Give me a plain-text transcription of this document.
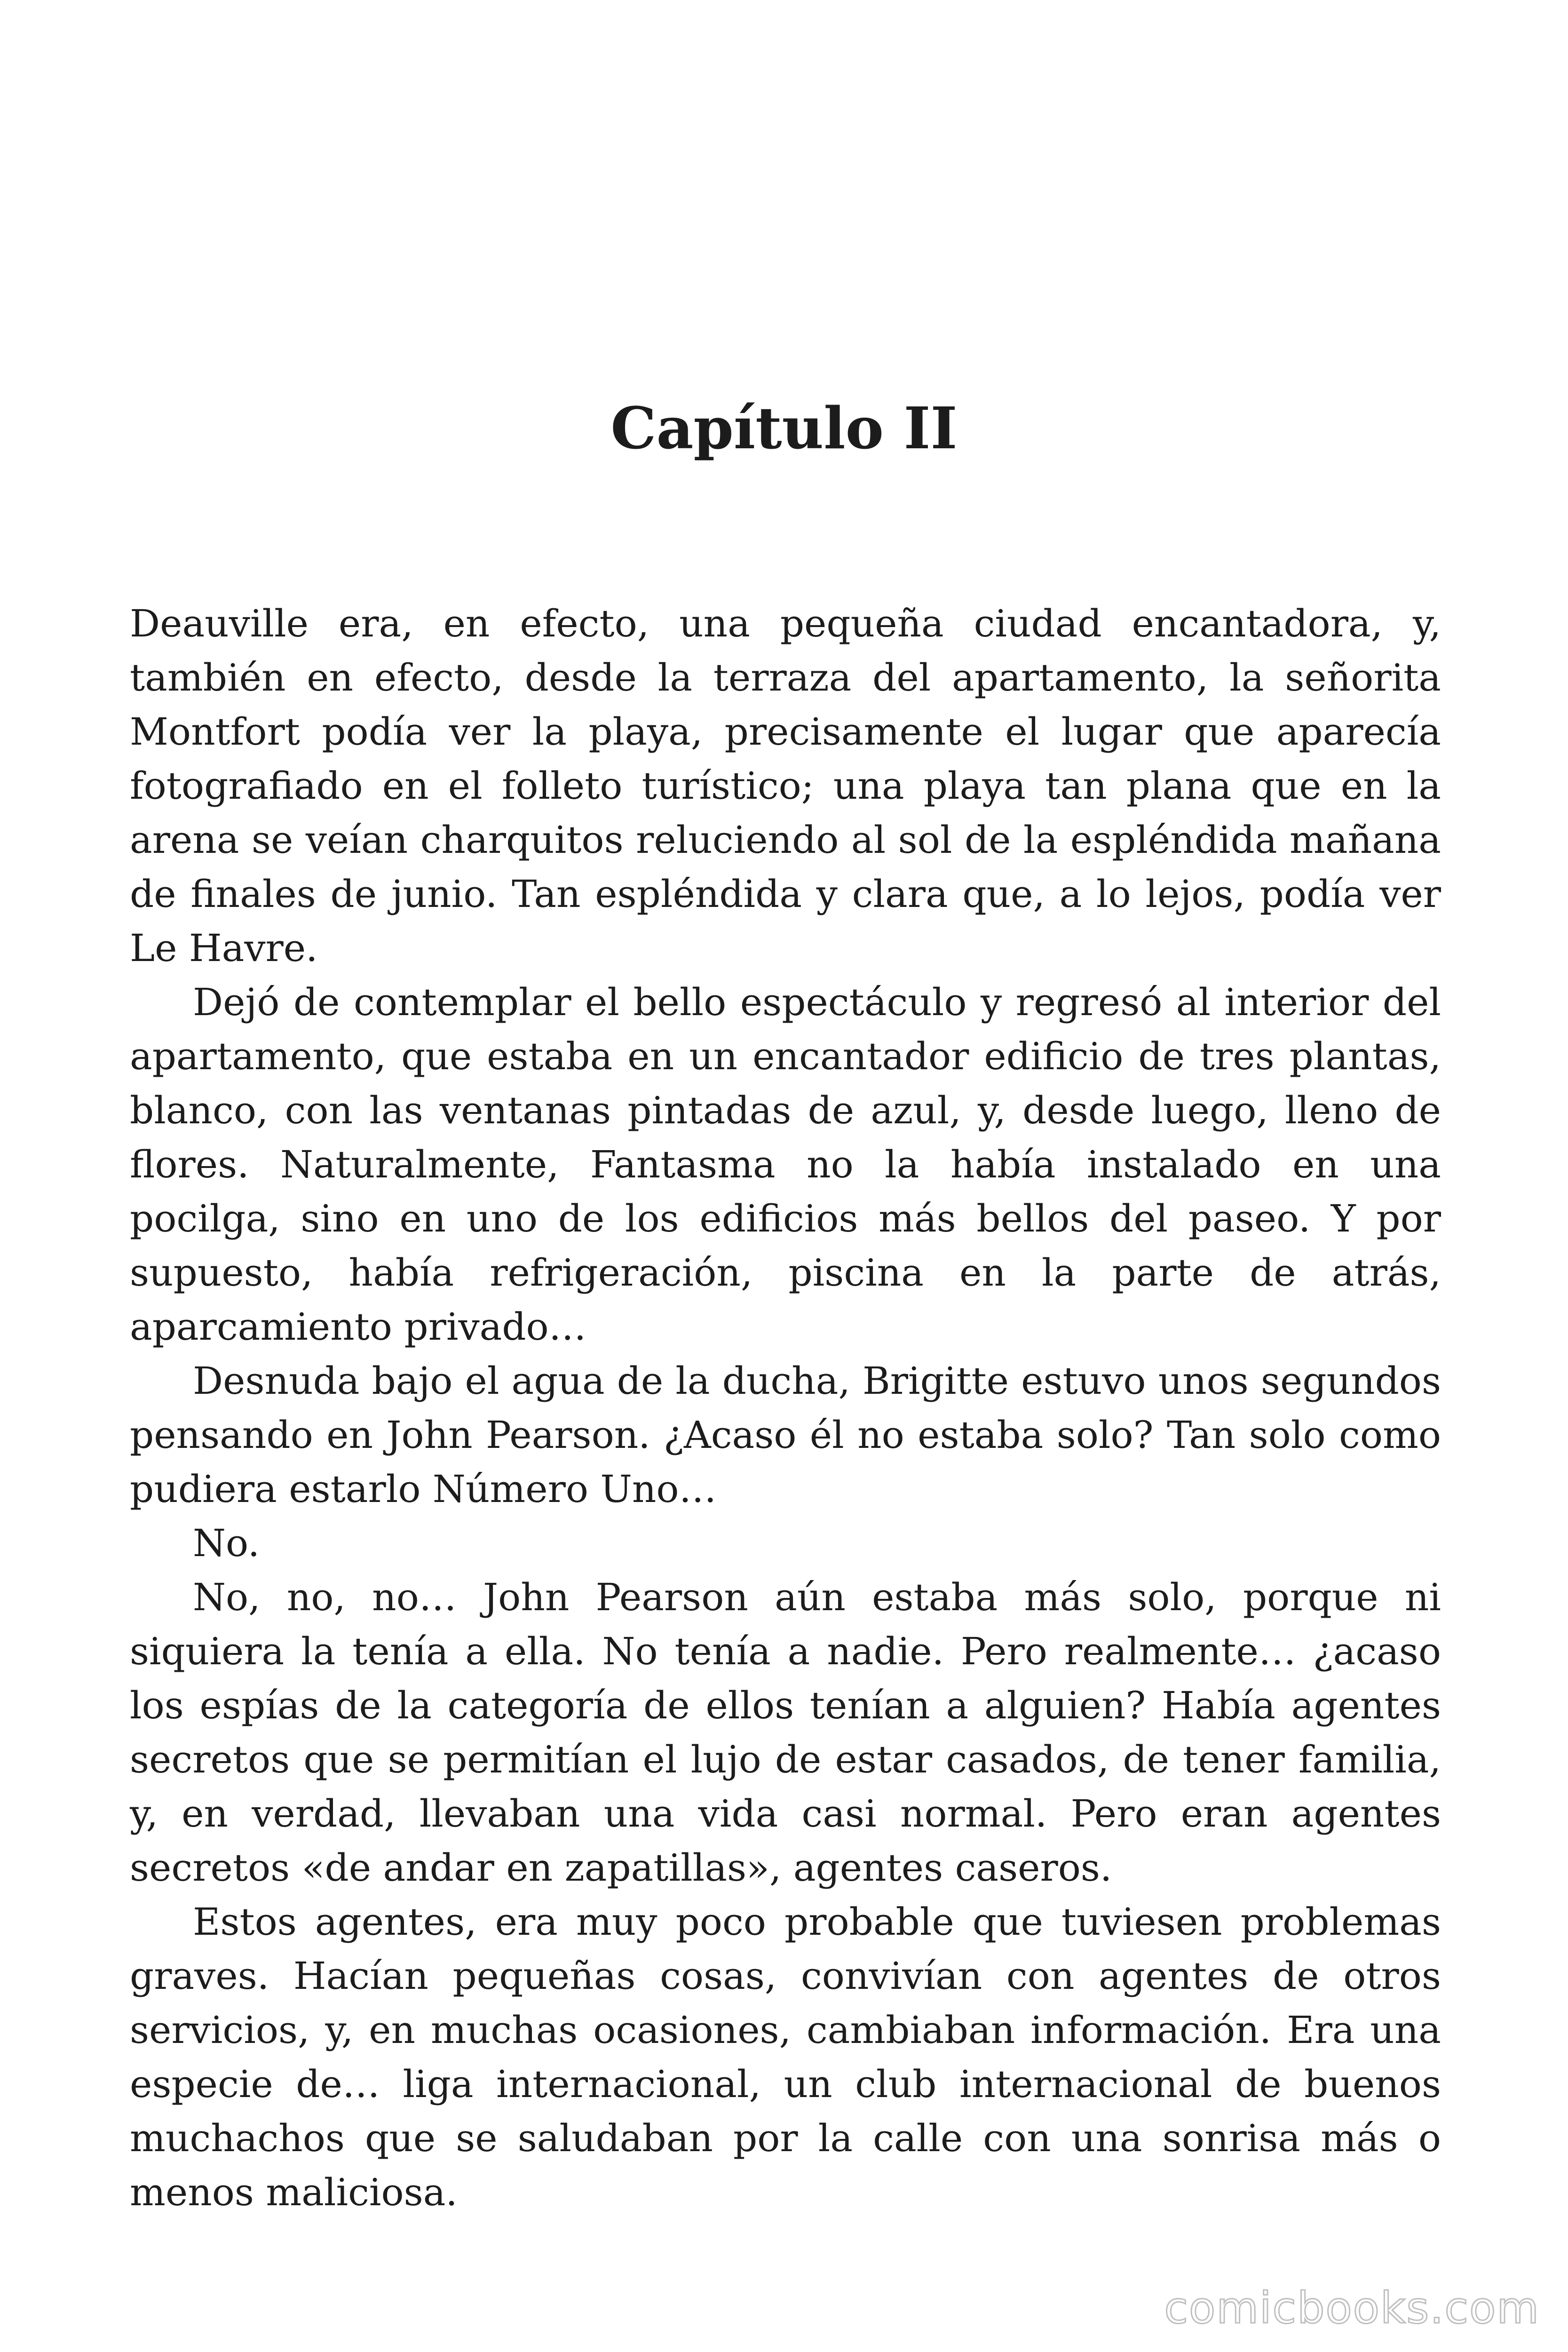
Capítulo II

Deauville era, en efecto, una pequeña ciudad encantadora, y, también en efecto, desde la terraza del apartamento, la señorita Montfort podía ver la playa, precisamente el lugar que aparecía fotografiado en el folleto turístico; una playa tan plana que en la arena se veían charquitos reluciendo al sol de la espléndida mañana de finales de junio. Tan espléndida y clara que, a lo lejos, podía ver Le Havre.

Dejó de contemplar el bello espectáculo y regresó al interior del apartamento, que estaba en un encantador edificio de tres plantas, blanco, con las ventanas pintadas de azul, y, desde luego, lleno de flores. Naturalmente, Fantasma no la había instalado en una pocilga, sino en uno de los edificios más bellos del paseo. Y por supuesto, había refrigeración, piscina en la parte de atrás, aparcamiento privado…

Desnuda bajo el agua de la ducha, Brigitte estuvo unos segundos pensando en John Pearson. ¿Acaso él no estaba solo? Tan solo como pudiera estarlo Número Uno…

No.

No, no, no… John Pearson aún estaba más solo, porque ni siquiera la tenía a ella. No tenía a nadie. Pero realmente… ¿acaso los espías de la categoría de ellos tenían a alguien? Había agentes secretos que se permitían el lujo de estar casados, de tener familia, y, en verdad, llevaban una vida casi normal. Pero eran agentes secretos «de andar en zapatillas», agentes caseros.

Estos agentes, era muy poco probable que tuviesen problemas graves. Hacían pequeñas cosas, convivían con agentes de otros servicios, y, en muchas ocasiones, cambiaban información. Era una especie de… liga internacional, un club internacional de buenos muchachos que se saludaban por la calle con una sonrisa más o menos maliciosa.

comicbooks.com
